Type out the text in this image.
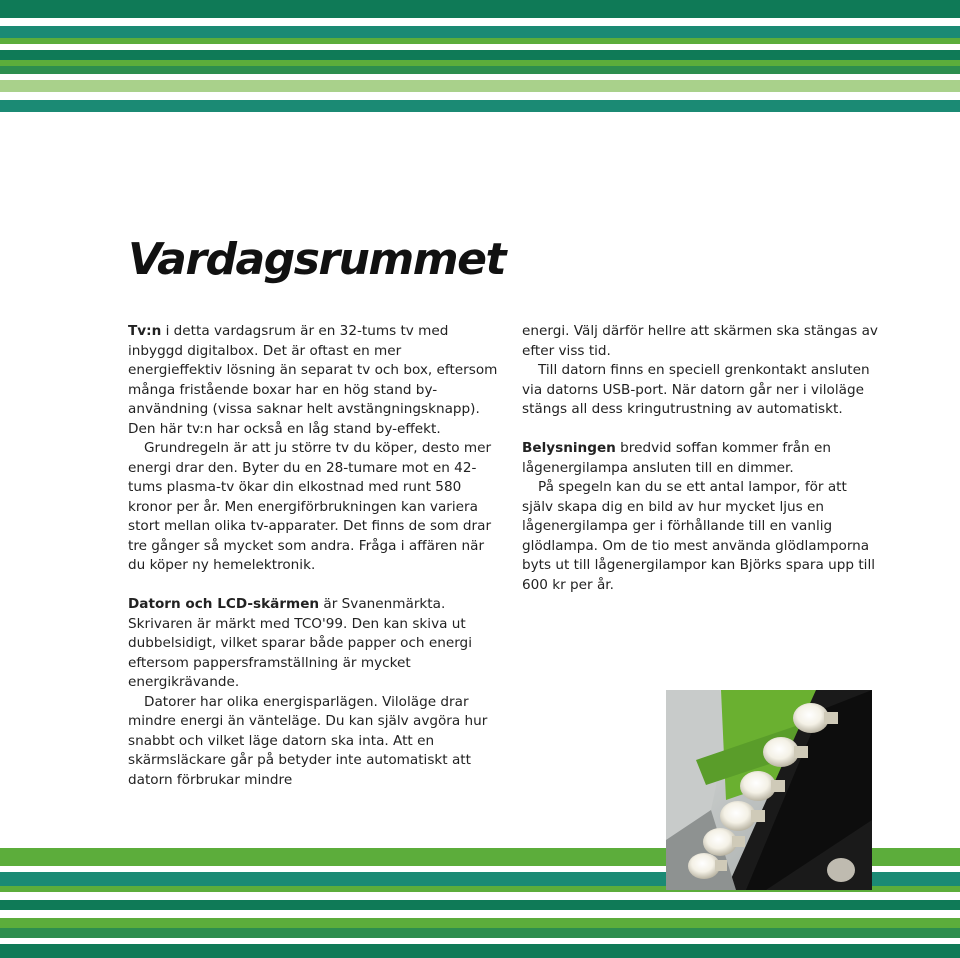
Vardagsrummet

Tv:n i detta vardagsrum är en 32-tums tv med inbyggd digitalbox. Det är oftast en mer energieffektiv lösning än separat tv och box, eftersom många fristående boxar har en hög stand by-användning (vissa saknar helt avstängningsknapp). Den här tv:n har också en låg stand by-effekt.

Grundregeln är att ju större tv du köper, desto mer energi drar den. Byter du en 28-tumare mot en 42-tums plasma-tv ökar din elkostnad med runt 580 kronor per år. Men energiförbrukningen kan variera stort mellan olika tv-apparater. Det finns de som drar tre gånger så mycket som andra. Fråga i affären när du köper ny hemelektronik.

Datorn och LCD-skärmen är Svanenmärkta. Skrivaren är märkt med TCO'99. Den kan skiva ut dubbelsidigt, vilket sparar både papper och energi eftersom pappersframställning är mycket energikrävande.

Datorer har olika energisparlägen. Viloläge drar mindre energi än vänteläge. Du kan själv avgöra hur snabbt och vilket läge datorn ska inta. Att en skärmsläckare går på betyder inte automatiskt att datorn förbrukar mindre

energi. Välj därför hellre att skärmen ska stängas av efter viss tid.

Till datorn finns en speciell grenkontakt ansluten via datorns USB-port. När datorn går ner i viloläge stängs all dess kringutrustning av automatiskt.

Belysningen bredvid soffan kommer från en lågenergilampa ansluten till en dimmer.

På spegeln kan du se ett antal lampor, för att själv skapa dig en bild av hur mycket ljus en lågenergilampa ger i förhållande till en vanlig glödlampa. Om de tio mest använda glödlamporna byts ut till lågenergilampor kan Björks spara upp till 600 kr per år.
